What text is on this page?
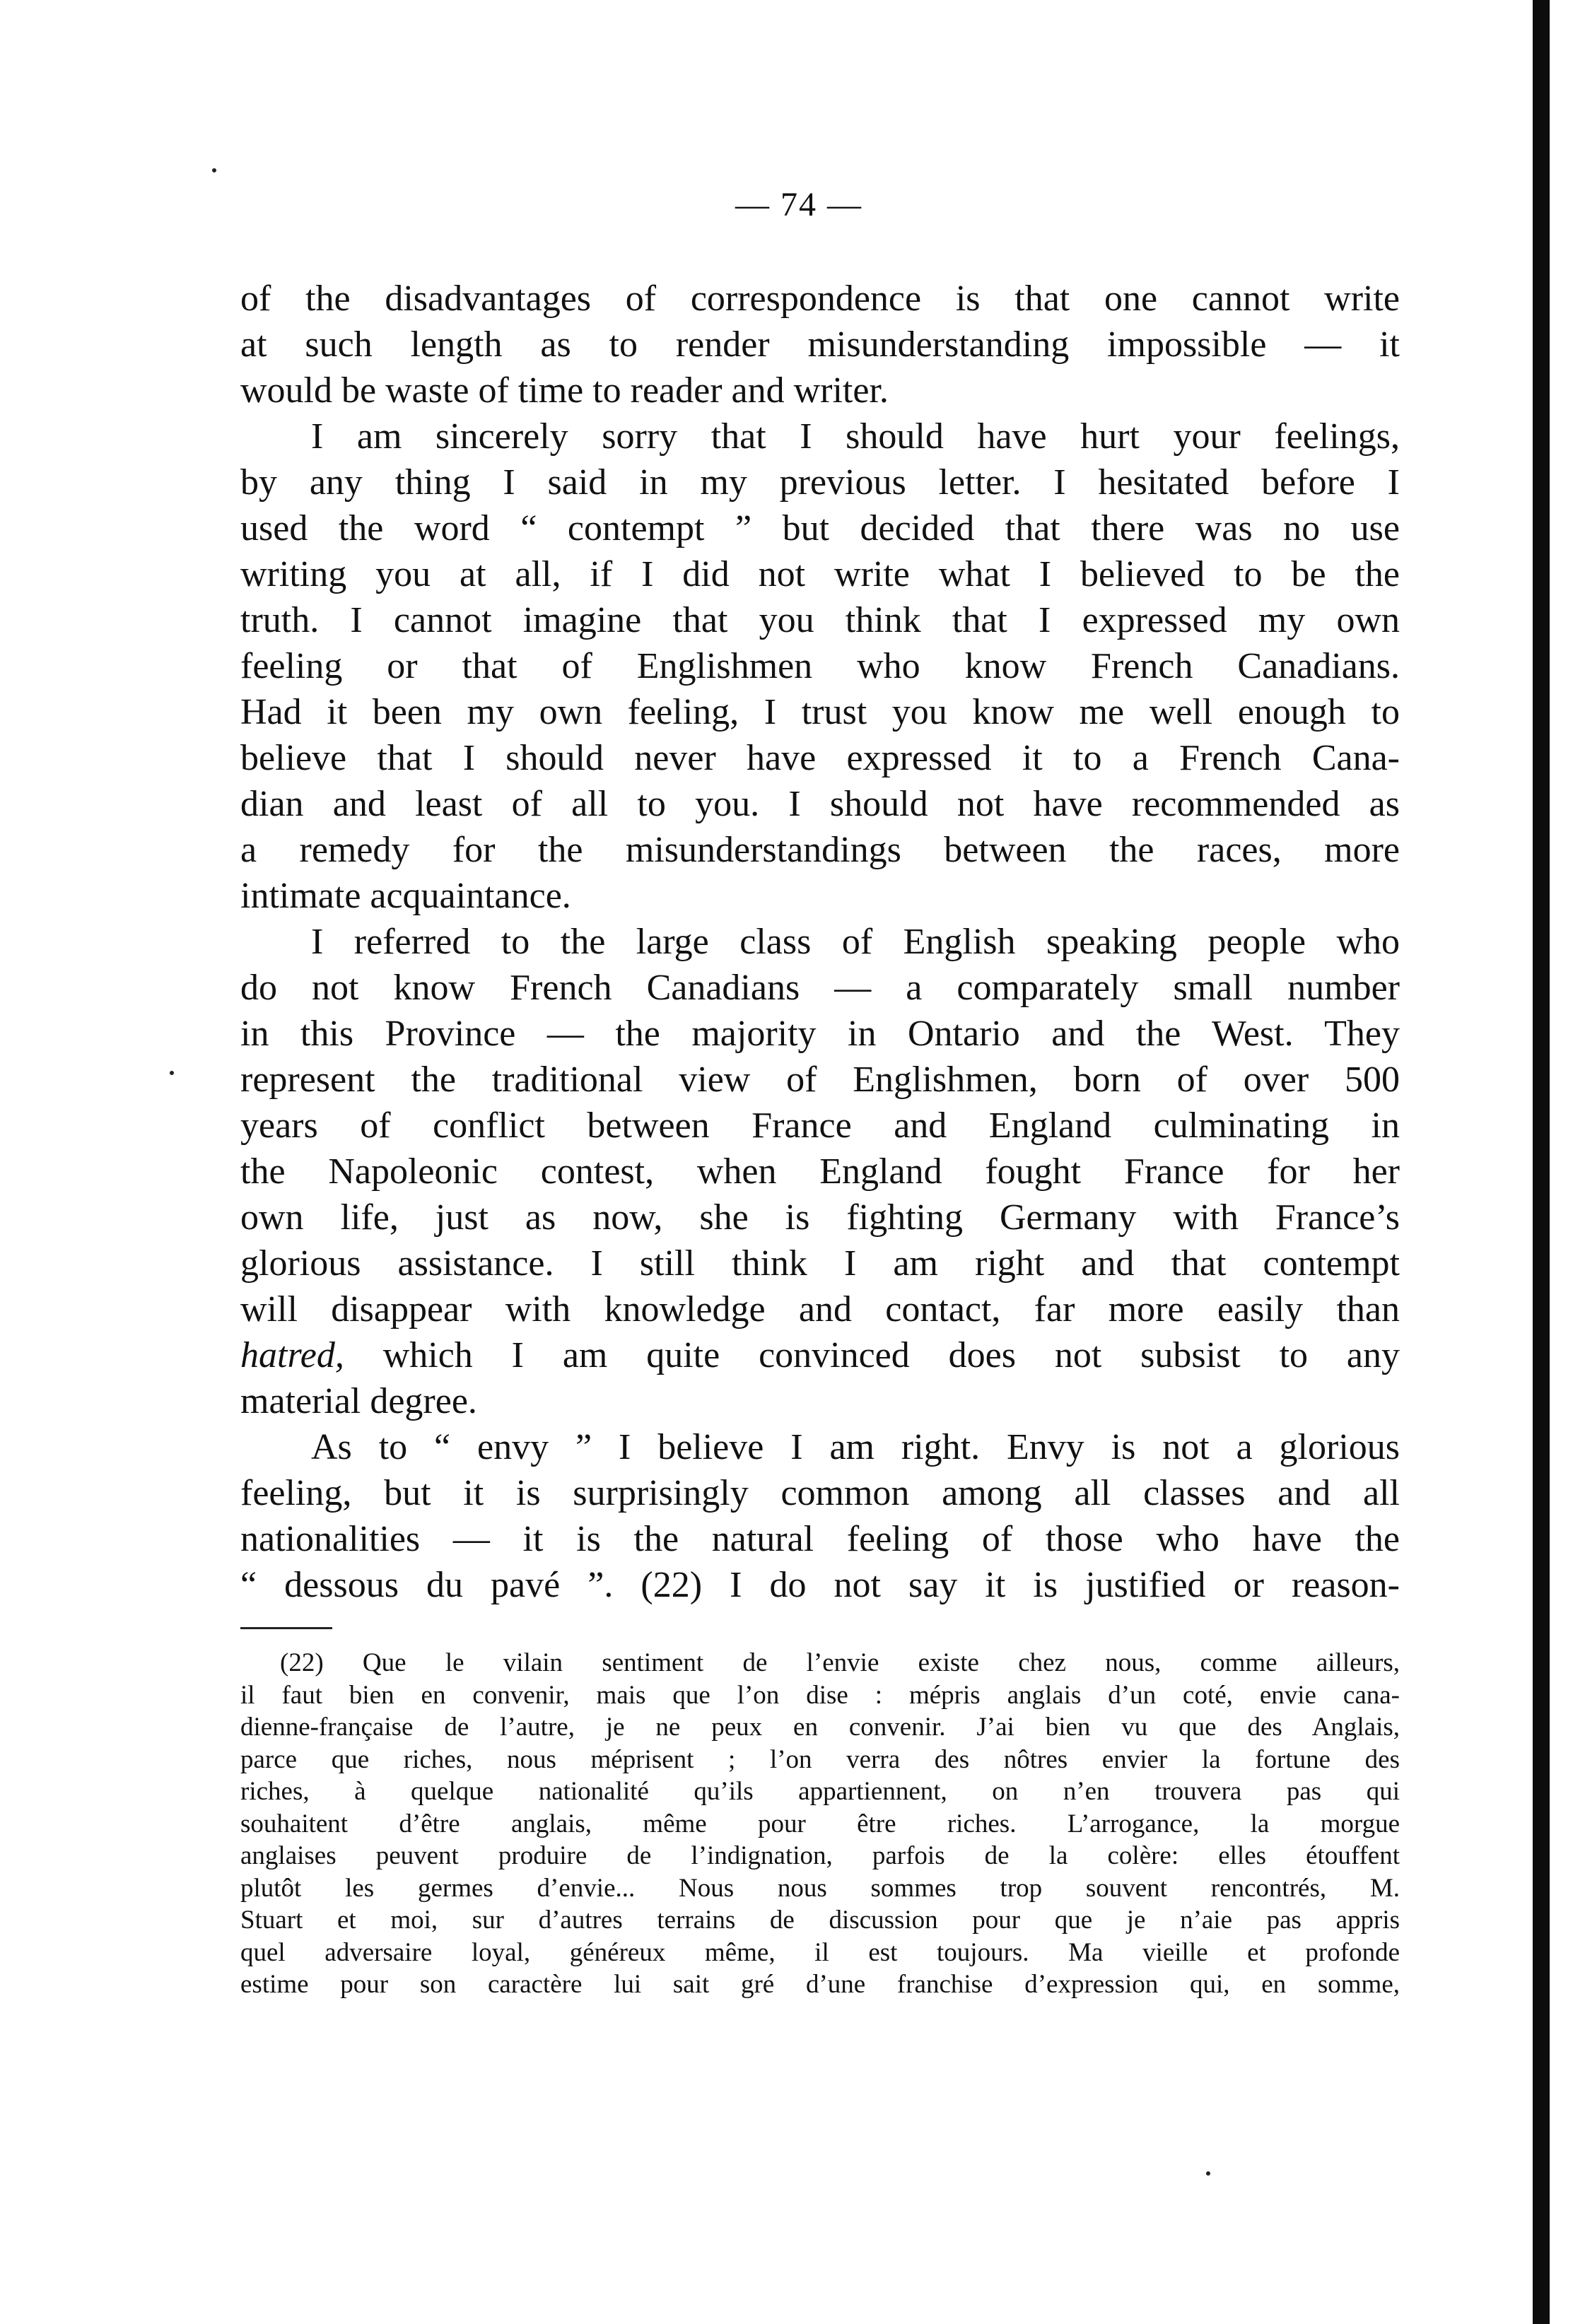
— 74 —
of the disadvantages of correspondence is that one cannot write
at such length as to render misunderstanding impossible — it
would be waste of time to reader and writer.
I am sincerely sorry that I should have hurt your feelings,
by any thing I said in my previous letter. I hesitated before I
used the word “ contempt ” but decided that there was no use
writing you at all, if I did not write what I believed to be the
truth. I cannot imagine that you think that I expressed my own
feeling or that of Englishmen who know French Canadians.
Had it been my own feeling, I trust you know me well enough to
believe that I should never have expressed it to a French Cana-
dian and least of all to you. I should not have recommended as
a remedy for the misunderstandings between the races, more
intimate acquaintance.
I referred to the large class of English speaking people who
do not know French Canadians — a comparately small number
in this Province — the majority in Ontario and the West. They
represent the traditional view of Englishmen, born of over 500
years of conflict between France and England culminating in
the Napoleonic contest, when England fought France for her
own life, just as now, she is fighting Germany with France’s
glorious assistance. I still think I am right and that contempt
will disappear with knowledge and contact, far more easily than
hatred, which I am quite convinced does not subsist to any
material degree.
As to “ envy ” I believe I am right. Envy is not a glorious
feeling, but it is surprisingly common among all classes and all
nationalities — it is the natural feeling of those who have the
“ dessous du pavé ”. (22) I do not say it is justified or reason-
(22) Que le vilain sentiment de l’envie existe chez nous, comme ailleurs,
il faut bien en convenir, mais que l’on dise : mépris anglais d’un coté, envie cana-
dienne-française de l’autre, je ne peux en convenir. J’ai bien vu que des Anglais,
parce que riches, nous méprisent ; l’on verra des nôtres envier la fortune des
riches, à quelque nationalité qu’ils appartiennent, on n’en trouvera pas qui
souhaitent d’être anglais, même pour être riches. L’arrogance, la morgue
anglaises peuvent produire de l’indignation, parfois de la colère: elles étouffent
plutôt les germes d’envie... Nous nous sommes trop souvent rencontrés, M.
Stuart et moi, sur d’autres terrains de discussion pour que je n’aie pas appris
quel adversaire loyal, généreux même, il est toujours. Ma vieille et profonde
estime pour son caractère lui sait gré d’une franchise d’expression qui, en somme,
